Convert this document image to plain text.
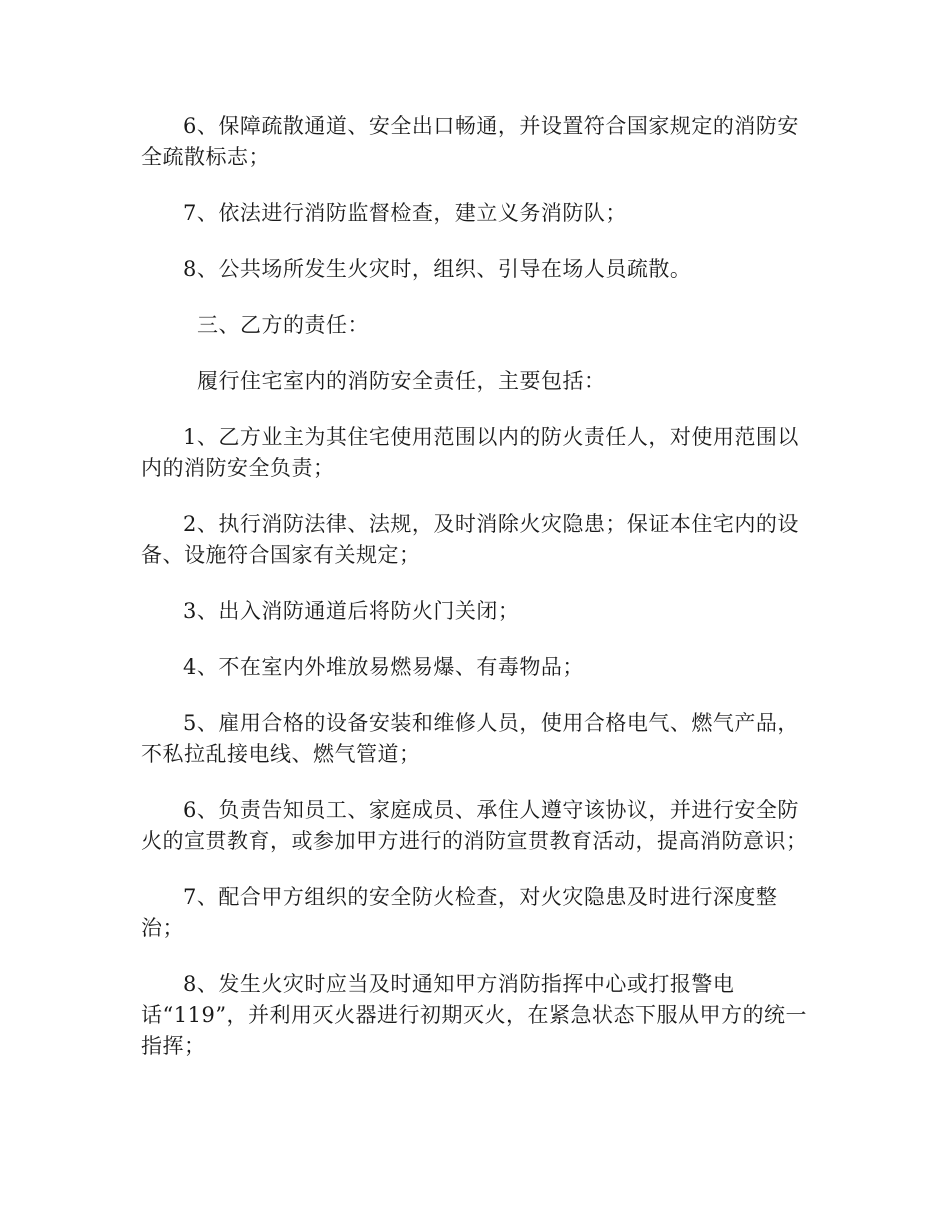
6、保障疏散通道、安全出口畅通，并设置符合国家规定的消防安全疏散标志；

7、依法进行消防监督检查，建立义务消防队；

8、公共场所发生火灾时，组织、引导在场人员疏散。

三、乙方的责任：

履行住宅室内的消防安全责任，主要包括：

1、乙方业主为其住宅使用范围以内的防火责任人，对使用范围以内的消防安全负责；

2、执行消防法律、法规，及时消除火灾隐患；保证本住宅内的设备、设施符合国家有关规定；

3、出入消防通道后将防火门关闭；

4、不在室内外堆放易燃易爆、有毒物品；

5、雇用合格的设备安装和维修人员，使用合格电气、燃气产品，不私拉乱接电线、燃气管道；

6、负责告知员工、家庭成员、承住人遵守该协议，并进行安全防火的宣贯教育，或参加甲方进行的消防宣贯教育活动，提高消防意识；

7、配合甲方组织的安全防火检查，对火灾隐患及时进行深度整治；

8、发生火灾时应当及时通知甲方消防指挥中心或打报警电话“119”，并利用灭火器进行初期灭火，在紧急状态下服从甲方的统一指挥；
